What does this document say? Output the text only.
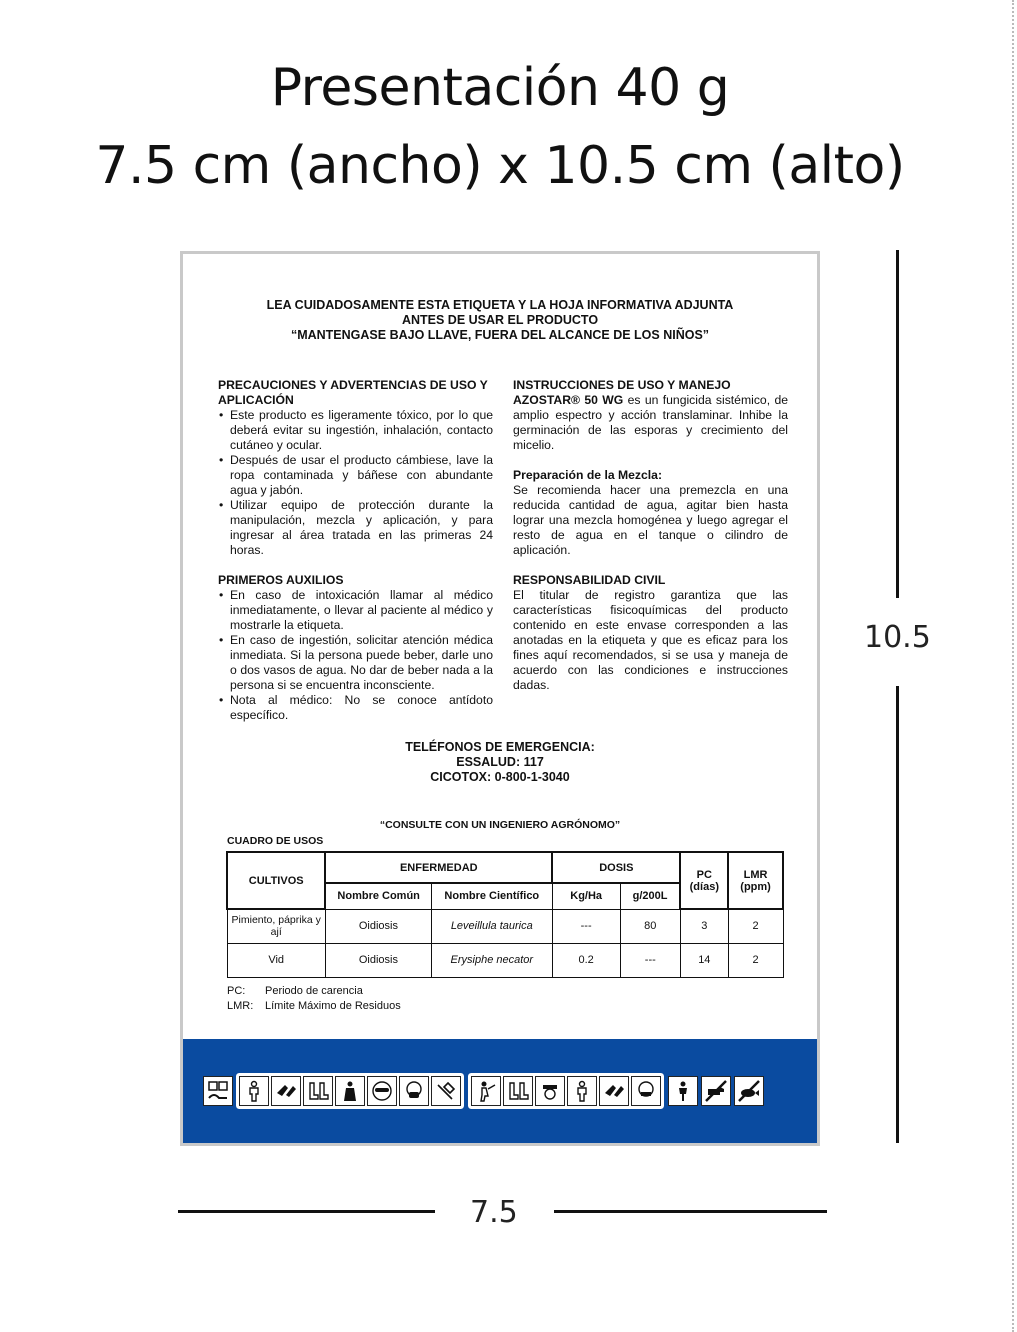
Presentación 40 g
7.5 cm (ancho) x 10.5 cm (alto)
10.5
7.5
LEA CUIDADOSAMENTE ESTA ETIQUETA Y LA HOJA INFORMATIVA ADJUNTA
ANTES DE USAR EL PRODUCTO
“MANTENGASE BAJO LLAVE, FUERA DEL ALCANCE DE LOS NIÑOS”
PRECAUCIONES Y ADVERTENCIAS DE USO Y APLICACIÓN
• Este producto es ligeramente tóxico, por lo que deberá evitar su ingestión, inhalación, contacto cutáneo y ocular.
• Después de usar el producto cámbiese, lave la ropa contaminada y báñese con abundante agua y jabón.
• Utilizar equipo de protección durante la manipulación, mezcla y aplicación, y para ingresar al área tratada en las primeras 24 horas.
PRIMEROS AUXILIOS
• En caso de intoxicación llamar al médico inmediatamente, o llevar al paciente al médico y mostrarle la etiqueta.
• En caso de ingestión, solicitar atención médica inmediata. Si la persona puede beber, darle uno o dos vasos de agua. No dar de beber nada a la persona si se encuentra inconsciente.
• Nota al médico: No se conoce antídoto específico.
INSTRUCCIONES DE USO Y MANEJO
AZOSTAR® 50 WG es un fungicida sistémico, de amplio espectro y acción translaminar. Inhibe la germinación de las esporas y crecimiento del micelio.
Preparación de la Mezcla:
Se recomienda hacer una premezcla en una reducida cantidad de agua, agitar bien hasta lograr una mezcla homogénea y luego agregar el resto de agua en el tanque o cilindro de aplicación.
RESPONSABILIDAD CIVIL
El titular de registro garantiza que las características fisicoquímicas del producto contenido en este envase corresponden a las anotadas en la etiqueta y que es eficaz para los fines aquí recomendados, si se usa y maneja de acuerdo con las condiciones e instrucciones dadas.
TELÉFONOS DE EMERGENCIA:
ESSALUD: 117
CICOTOX: 0-800-1-3040
“CONSULTE CON UN INGENIERO AGRÓNOMO”
CUADRO DE USOS
CULTIVOS	ENFERMEDAD		DOSIS		PC (días)	LMR (ppm)
	Nombre Común	Nombre Científico	Kg/Ha	g/200L		
Pimiento, páprika y ají	Oidiosis	Leveillula taurica	---	80	3	2
Vid	Oidiosis	Erysiphe necator	0.2	---	14	2
PC: Periodo de carencia
LMR: Límite Máximo de Residuos
